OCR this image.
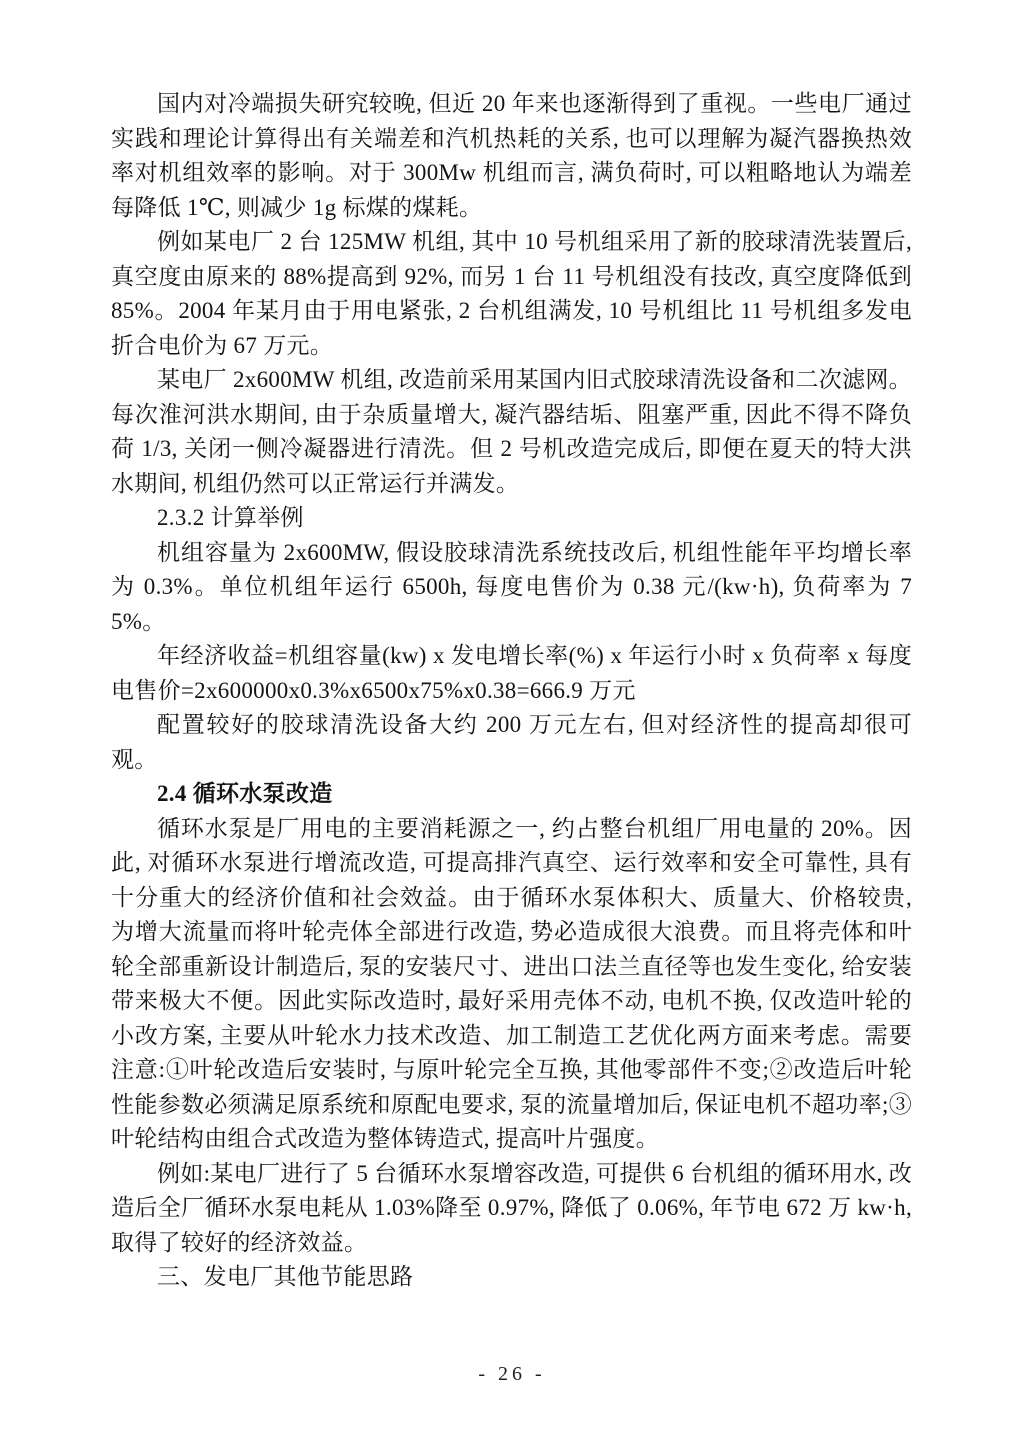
国内对冷端损失研究较晚, 但近 20 年来也逐渐得到了重视。一些电厂通过实践和理论计算得出有关端差和汽机热耗的关系, 也可以理解为凝汽器换热效率对机组效率的影响。对于 300Mw 机组而言, 满负荷时, 可以粗略地认为端差每降低 1℃, 则减少 1g 标煤的煤耗。

例如某电厂 2 台 125MW 机组, 其中 10 号机组采用了新的胶球清洗装置后, 真空度由原来的 88%提高到 92%, 而另 1 台 11 号机组没有技改, 真空度降低到 85%。2004 年某月由于用电紧张, 2 台机组满发, 10 号机组比 11 号机组多发电折合电价为 67 万元。

某电厂 2x600MW 机组, 改造前采用某国内旧式胶球清洗设备和二次滤网。每次淮河洪水期间, 由于杂质量增大, 凝汽器结垢、阻塞严重, 因此不得不降负荷 1/3, 关闭一侧冷凝器进行清洗。但 2 号机改造完成后, 即便在夏天的特大洪水期间, 机组仍然可以正常运行并满发。

2.3.2 计算举例

机组容量为 2x600MW, 假设胶球清洗系统技改后, 机组性能年平均增长率为 0.3%。单位机组年运行 6500h, 每度电售价为 0.38 元/(kw·h), 负荷率为 75%。

年经济收益=机组容量(kw) x 发电增长率(%) x 年运行小时 x 负荷率 x 每度电售价=2x600000x0.3%x6500x75%x0.38=666.9 万元

配置较好的胶球清洗设备大约 200 万元左右, 但对经济性的提高却很可观。

2.4 循环水泵改造

循环水泵是厂用电的主要消耗源之一, 约占整台机组厂用电量的 20%。因此, 对循环水泵进行增流改造, 可提高排汽真空、运行效率和安全可靠性, 具有十分重大的经济价值和社会效益。由于循环水泵体积大、质量大、价格较贵, 为增大流量而将叶轮壳体全部进行改造, 势必造成很大浪费。而且将壳体和叶轮全部重新设计制造后, 泵的安装尺寸、进出口法兰直径等也发生变化, 给安装带来极大不便。因此实际改造时, 最好采用壳体不动, 电机不换, 仅改造叶轮的小改方案, 主要从叶轮水力技术改造、加工制造工艺优化两方面来考虑。需要注意:①叶轮改造后安装时, 与原叶轮完全互换, 其他零部件不变;②改造后叶轮性能参数必须满足原系统和原配电要求, 泵的流量增加后, 保证电机不超功率;③叶轮结构由组合式改造为整体铸造式, 提高叶片强度。

例如:某电厂进行了 5 台循环水泵增容改造, 可提供 6 台机组的循环用水, 改造后全厂循环水泵电耗从 1.03%降至 0.97%, 降低了 0.06%, 年节电 672 万 kw·h, 取得了较好的经济效益。

三、发电厂其他节能思路

- 26 -
